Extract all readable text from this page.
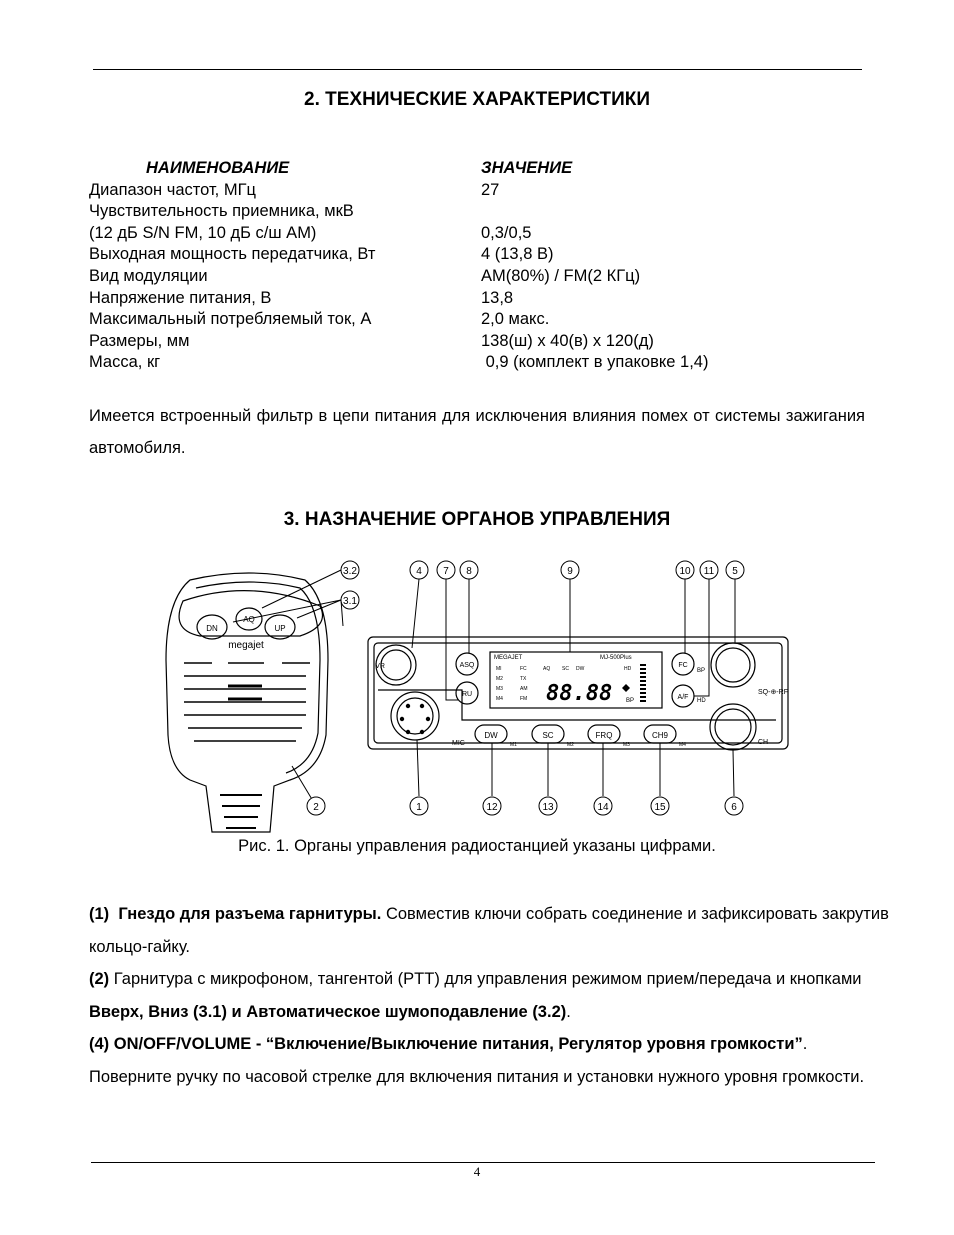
2. ТЕХНИЧЕСКИЕ ХАРАКТЕРИСТИКИ
НАИМЕНОВАНИЕ	ЗНАЧЕНИЕ
Диапазон частот, МГц	27
Чувствительность приемника, мкВ
(12 дБ S/N FM, 10 дБ с/ш AM)	0,3/0,5
Выходная мощность передатчика, Вт	4 (13,8 В)
Вид модуляции	AM(80%) / FM(2 КГц)
Напряжение питания, В	13,8
Максимальный потребляемый ток, А	2,0 макс.
Размеры, мм	138(ш) х 40(в) х 120(д)
Масса, кг	0,9 (комплект в упаковке 1,4)
Имеется встроенный фильтр в цепи питания для исключения влияния помех от системы зажигания автомобиля.
3. НАЗНАЧЕНИЕ ОРГАНОВ УПРАВЛЕНИЯ
3.2
3.1
2
4 7 8	9	10 11 5
1	12	13	14	15	6
DN
AQ
UP
megajet
VR
CH
MIC
SQ-⊕-RF
ASQ
RU
FC
A/F
BP
HD
DW
M1
SC
M2
FRQ
M3
CH9
M4
MEGAJET	MJ-500Plus
MI
M2
M3
M4
FC
TX
AM
FM
AQ SC DW	HD
88.88 BP
Рис. 1. Органы управления радиостанцией указаны цифрами.
(1) Гнездо для разъема гарнитуры. Совместив ключи собрать соединение и зафиксировать закрутив кольцо-гайку.
(2) Гарнитура с микрофоном, тангентой (PTT) для управления режимом прием/передача и кнопками Вверх, Вниз (3.1) и Автоматическое шумоподавление (3.2).
(4) ON/OFF/VOLUME - “Включение/Выключение питания, Регулятор уровня громкости”. Поверните ручку по часовой стрелке для включения питания и установки нужного уровня громкости.
4
